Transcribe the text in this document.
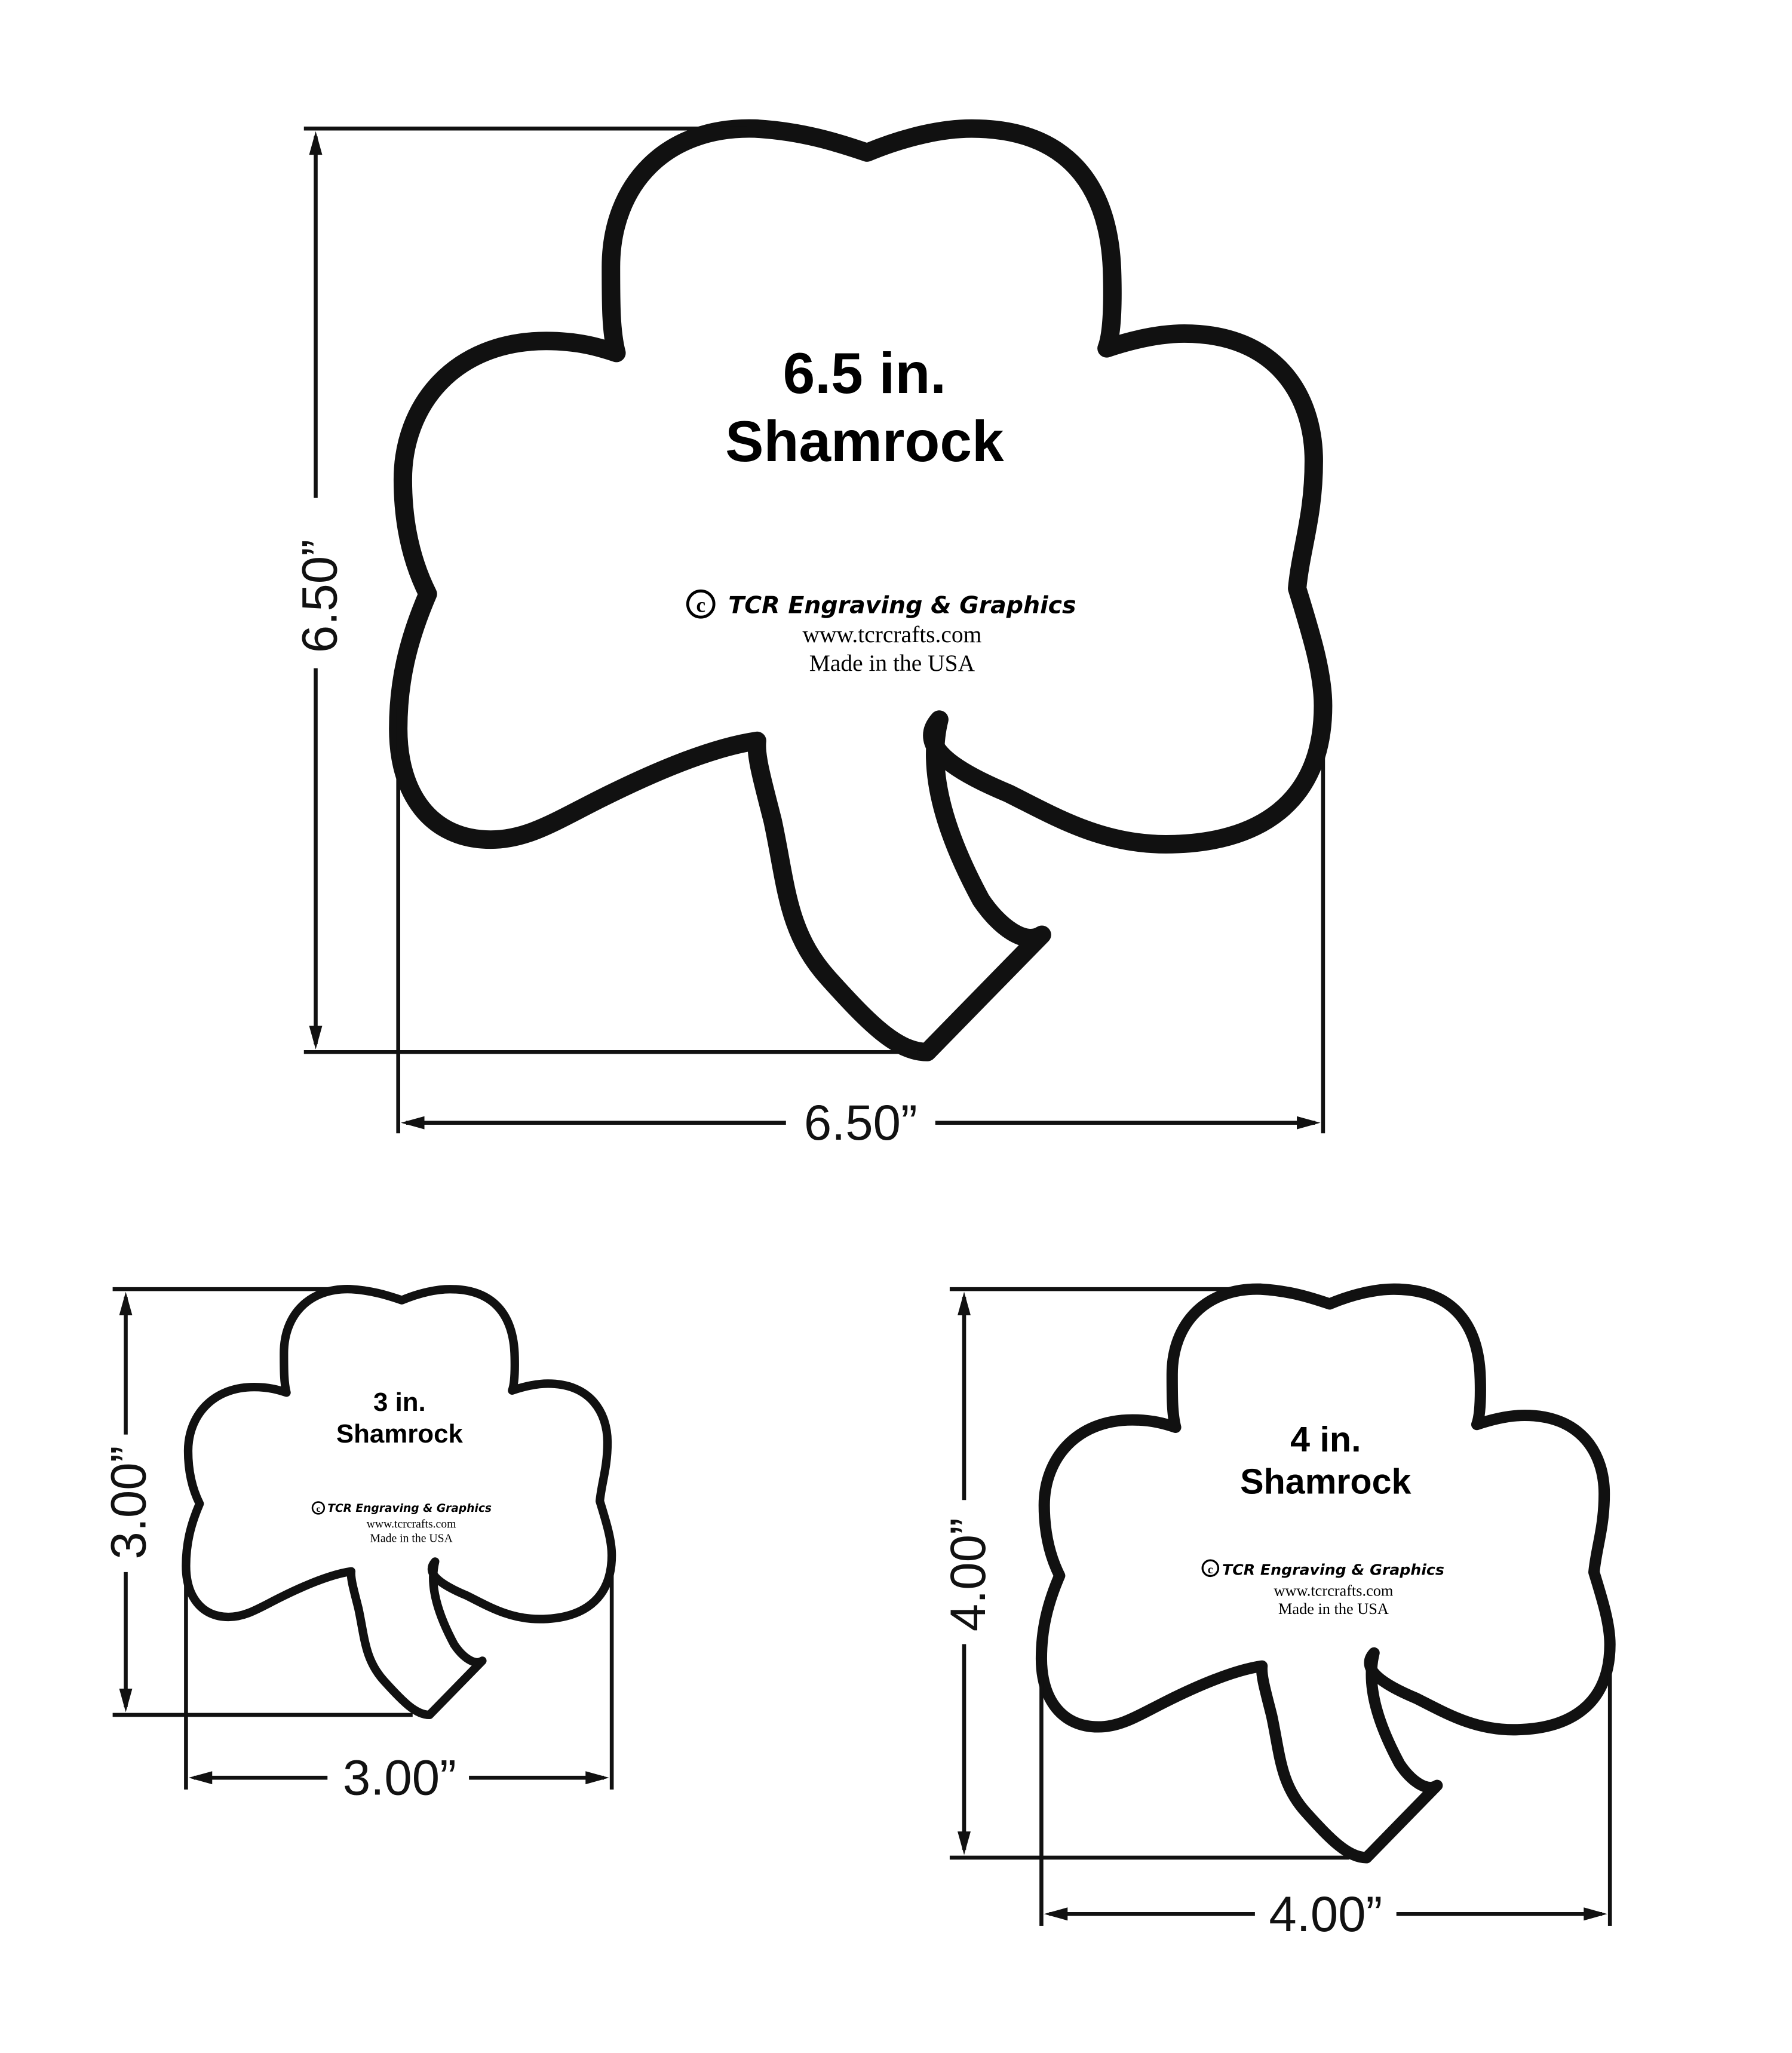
6.50”
6.50”
6.5 in.
Shamrock
c TCR Engraving & Graphics
www.tcrcrafts.com
Made in the USA
3.00”
3.00”
3 in.
Shamrock
c TCR Engraving & Graphics
www.tcrcrafts.com
Made in the USA	4.00”
4.00”
4 in.
Shamrock
c TCR Engraving & Graphics
www.tcrcrafts.com
Made in the USA
